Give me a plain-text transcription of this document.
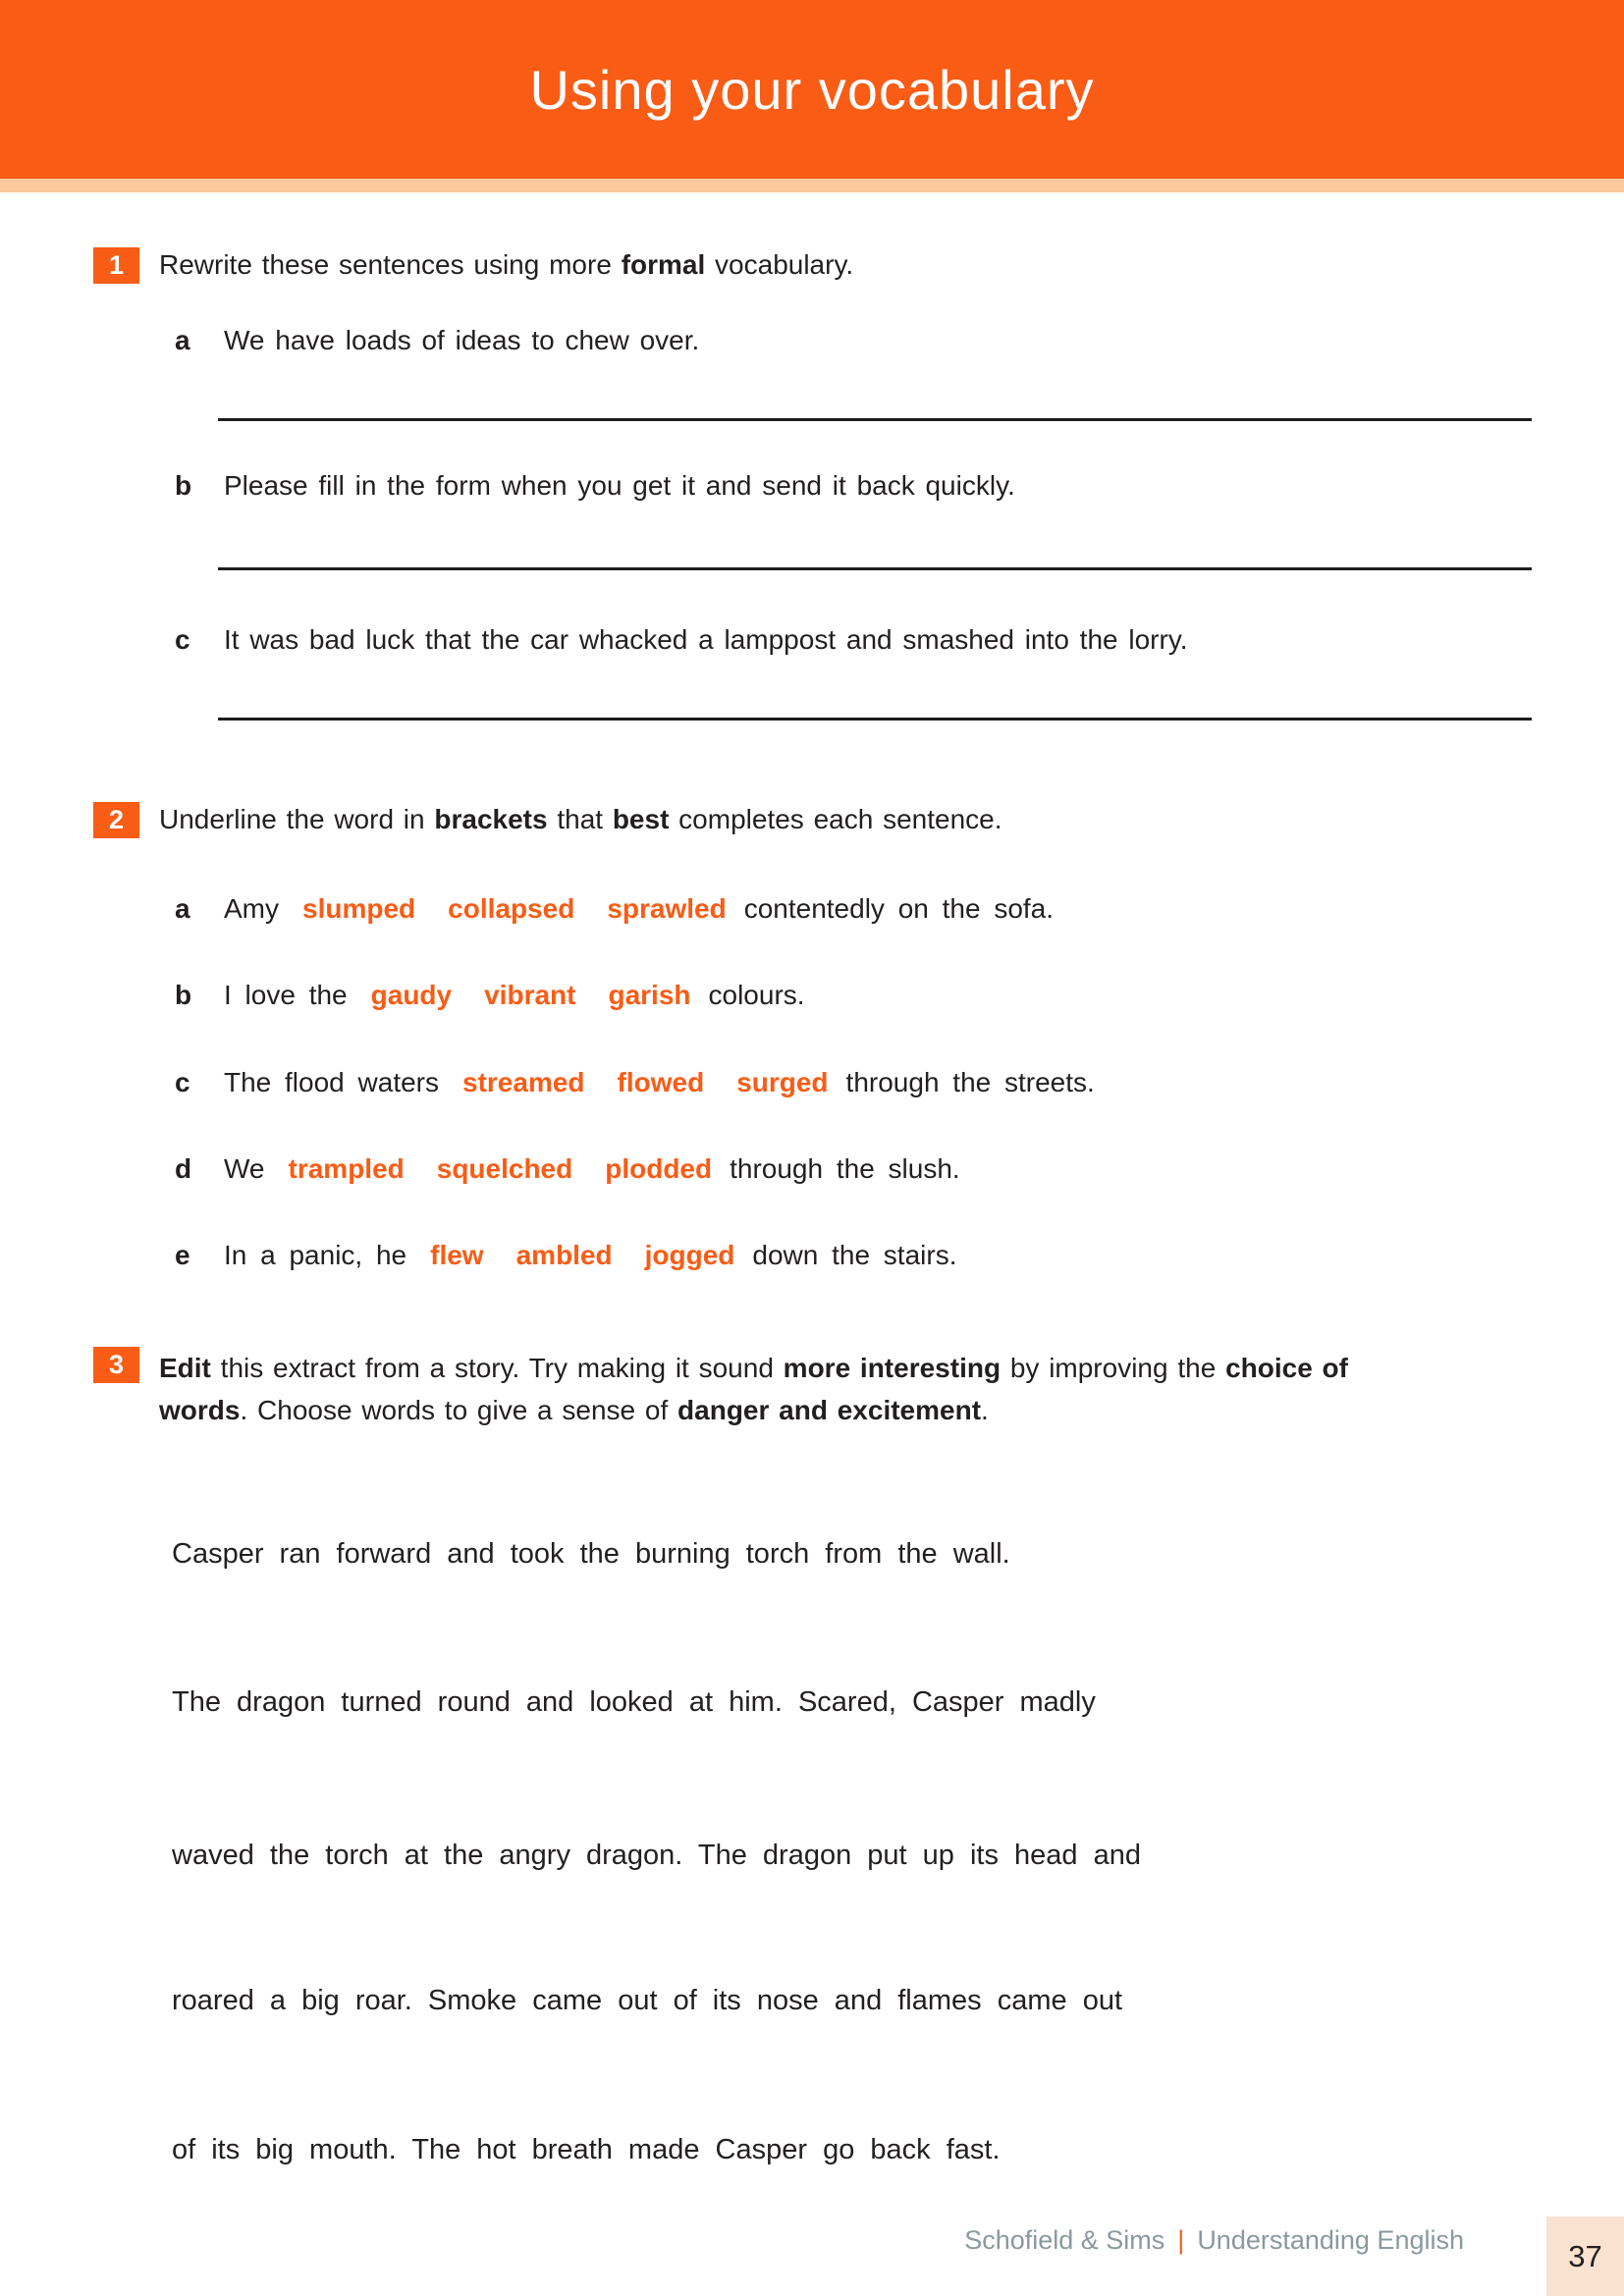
Using your vocabulary
1 Rewrite these sentences using more formal vocabulary.
a We have loads of ideas to chew over.
b Please fill in the form when you get it and send it back quickly.
c It was bad luck that the car whacked a lamppost and smashed into the lorry.
2 Underline the word in brackets that best completes each sentence.
a Amy slumped collapsed sprawled contentedly on the sofa.
b I love the gaudy vibrant garish colours.
c The flood waters streamed flowed surged through the streets.
d We trampled squelched plodded through the slush.
e In a panic, he flew ambled jogged down the stairs.
3 Edit this extract from a story. Try making it sound more interesting by improving the choice of
words. Choose words to give a sense of danger and excitement.
Casper ran forward and took the burning torch from the wall.
The dragon turned round and looked at him. Scared, Casper madly
waved the torch at the angry dragon. The dragon put up its head and
roared a big roar. Smoke came out of its nose and flames came out
of its big mouth. The hot breath made Casper go back fast.
Schofield & Sims | Understanding English	37
